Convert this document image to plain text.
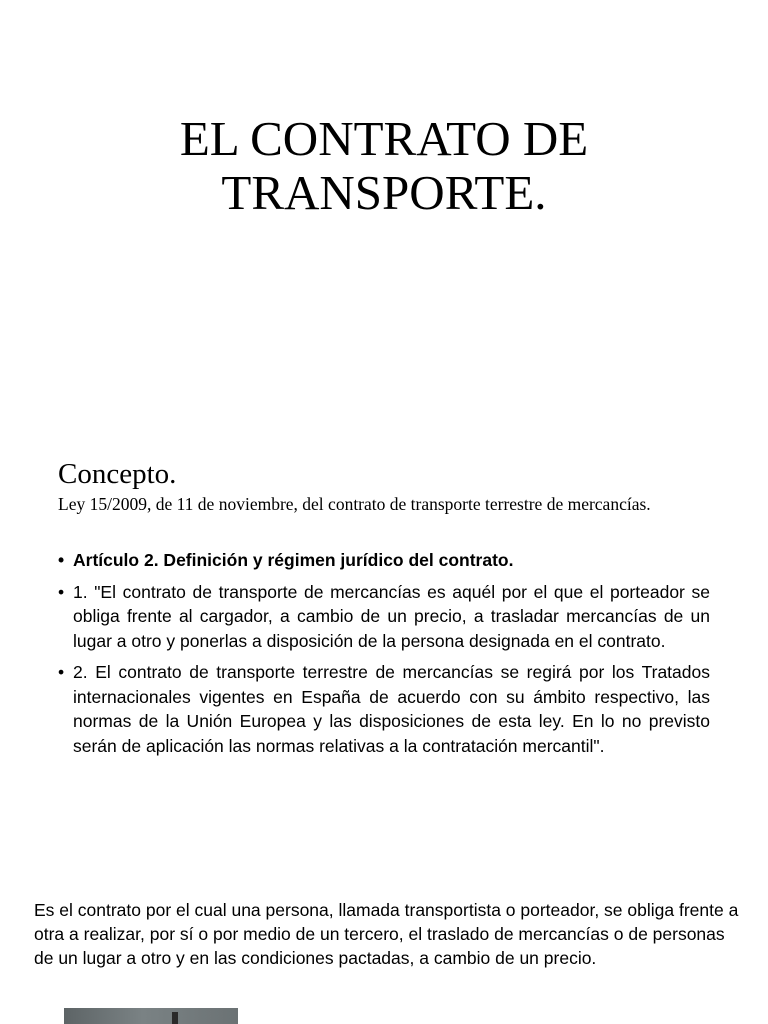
EL CONTRATO DE
TRANSPORTE.
Concepto.
Ley 15/2009, de 11 de noviembre, del contrato de transporte terrestre de mercancías.
• Artículo 2. Definición y régimen jurídico del contrato.
• 1. "El contrato de transporte de mercancías es aquél por el que el porteador se obliga frente al cargador, a cambio de un precio, a trasladar mercancías de un lugar a otro y ponerlas a disposición de la persona designada en el contrato.
• 2. El contrato de transporte terrestre de mercancías se regirá por los Tratados internacionales vigentes en España de acuerdo con su ámbito respectivo, las normas de la Unión Europea y las disposiciones de esta ley. En lo no previsto serán de aplicación las normas relativas a la contratación mercantil".
Es el contrato por el cual una persona, llamada transportista o porteador, se obliga frente a otra a realizar, por sí o por medio de un tercero, el traslado de mercancías o de personas de un lugar a otro y en las condiciones pactadas, a cambio de un precio.
